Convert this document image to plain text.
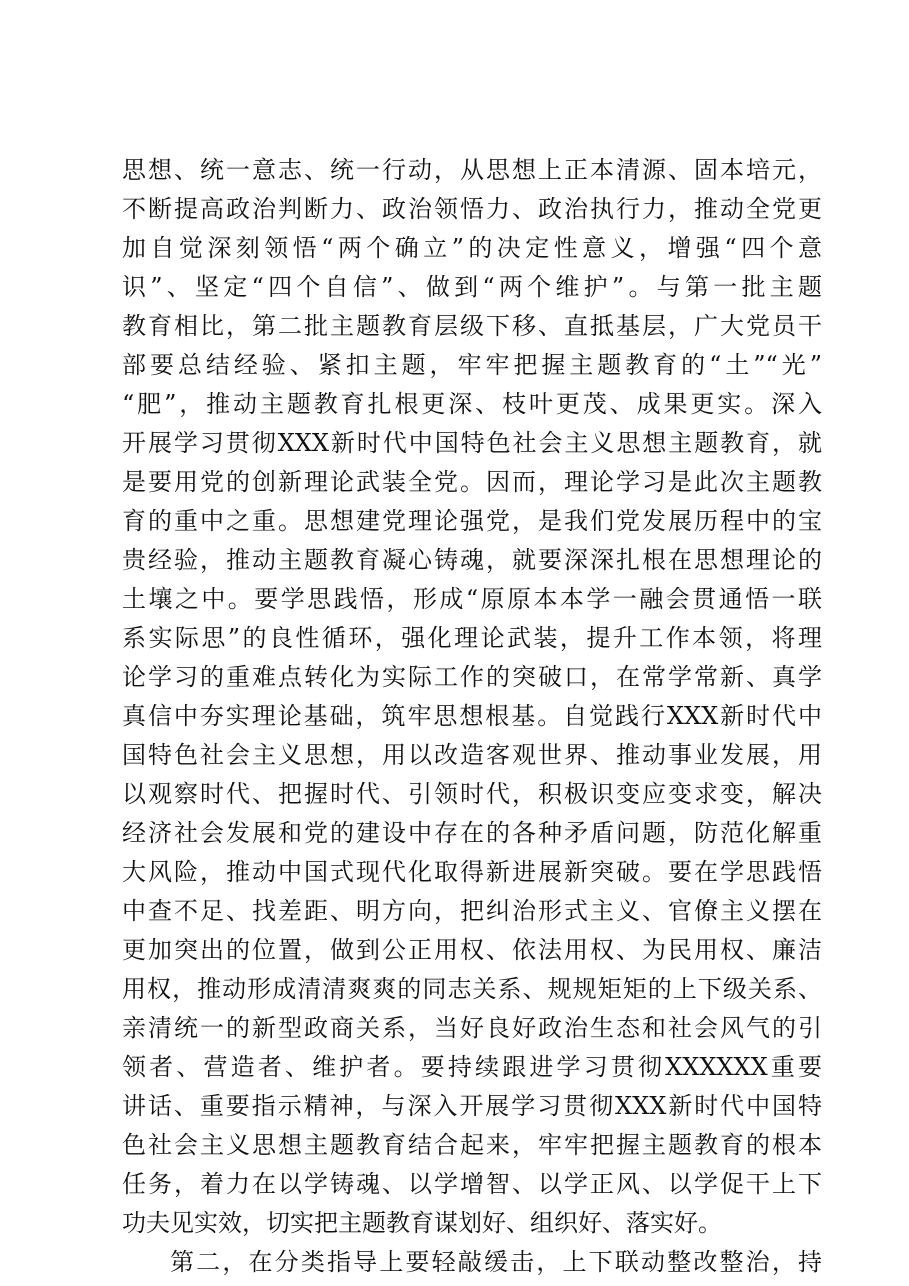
思想、统一意志、统一行动，从思想上正本清源、固本培元，
不断提高政治判断力、政治领悟力、政治执行力，推动全党更
加自觉深刻领悟“两个确立”的决定性意义，增强“四个意
识”、坚定“四个自信”、做到“两个维护”。与第一批主题
教育相比，第二批主题教育层级下移、直抵基层，广大党员干
部要总结经验、紧扣主题，牢牢把握主题教育的“土”“光”
“肥”，推动主题教育扎根更深、枝叶更茂、成果更实。深入
开展学习贯彻XXX新时代中国特色社会主义思想主题教育，就
是要用党的创新理论武装全党。因而，理论学习是此次主题教
育的重中之重。思想建党理论强党，是我们党发展历程中的宝
贵经验，推动主题教育凝心铸魂，就要深深扎根在思想理论的
土壤之中。要学思践悟，形成“原原本本学一融会贯通悟一联
系实际思”的良性循环，强化理论武装，提升工作本领，将理
论学习的重难点转化为实际工作的突破口，在常学常新、真学
真信中夯实理论基础，筑牢思想根基。自觉践行XXX新时代中
国特色社会主义思想，用以改造客观世界、推动事业发展，用
以观察时代、把握时代、引领时代，积极识变应变求变，解决
经济社会发展和党的建设中存在的各种矛盾问题，防范化解重
大风险，推动中国式现代化取得新进展新突破。要在学思践悟
中查不足、找差距、明方向，把纠治形式主义、官僚主义摆在
更加突出的位置，做到公正用权、依法用权、为民用权、廉洁
用权，推动形成清清爽爽的同志关系、规规矩矩的上下级关系、
亲清统一的新型政商关系，当好良好政治生态和社会风气的引
领者、营造者、维护者。要持续跟进学习贯彻XXXXXX重要
讲话、重要指示精神，与深入开展学习贯彻XXX新时代中国特
色社会主义思想主题教育结合起来，牢牢把握主题教育的根本
任务，着力在以学铸魂、以学增智、以学正风、以学促干上下
功夫见实效，切实把主题教育谋划好、组织好、落实好。
第二，在分类指导上要轻敲缓击，上下联动整改整治，持
